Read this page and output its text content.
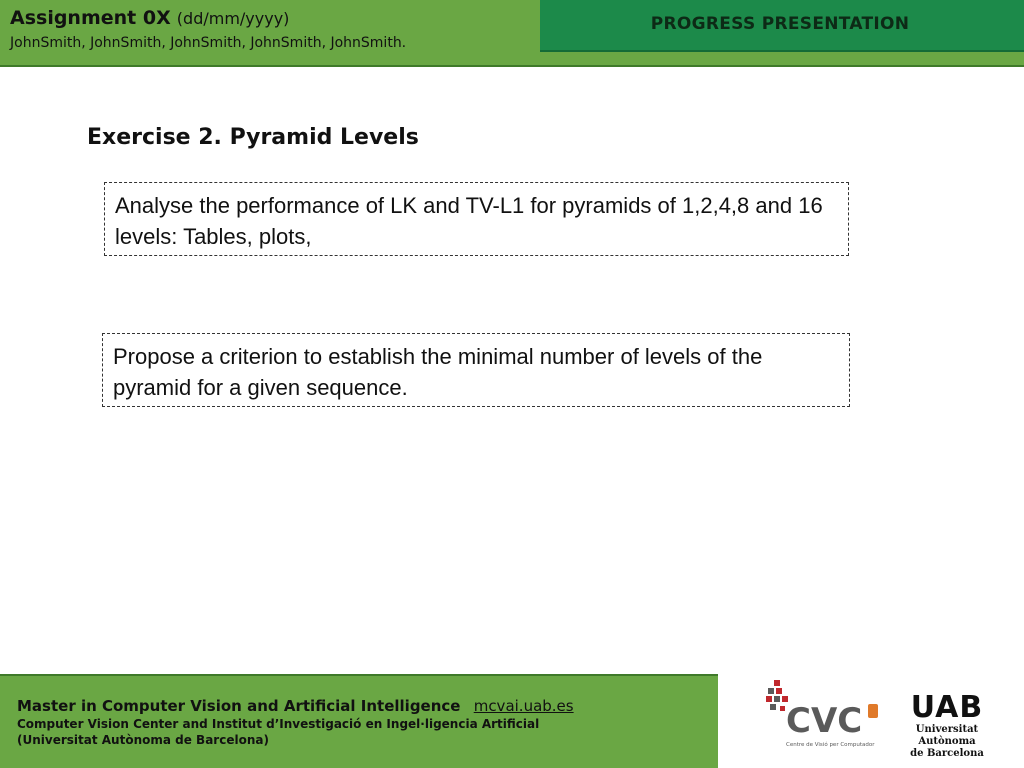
Assignment 0X (dd/mm/yyyy)
JohnSmith, JohnSmith, JohnSmith, JohnSmith, JohnSmith.
PROGRESS PRESENTATION
Exercise 2. Pyramid Levels
Analyse the performance of LK and TV-L1 for pyramids of 1,2,4,8 and 16 levels: Tables, plots,
Propose a criterion to establish the minimal number of levels of the pyramid for a given sequence.
Master in Computer Vision and Artificial Intelligence mcvai.uab.es
Computer Vision Center and Institut d’Investigació en Ingel·ligencia Artificial
(Universitat Autònoma de Barcelona)	CVC
Centre de Visió per Computador
UAB
Universitat Autònoma
de Barcelona
